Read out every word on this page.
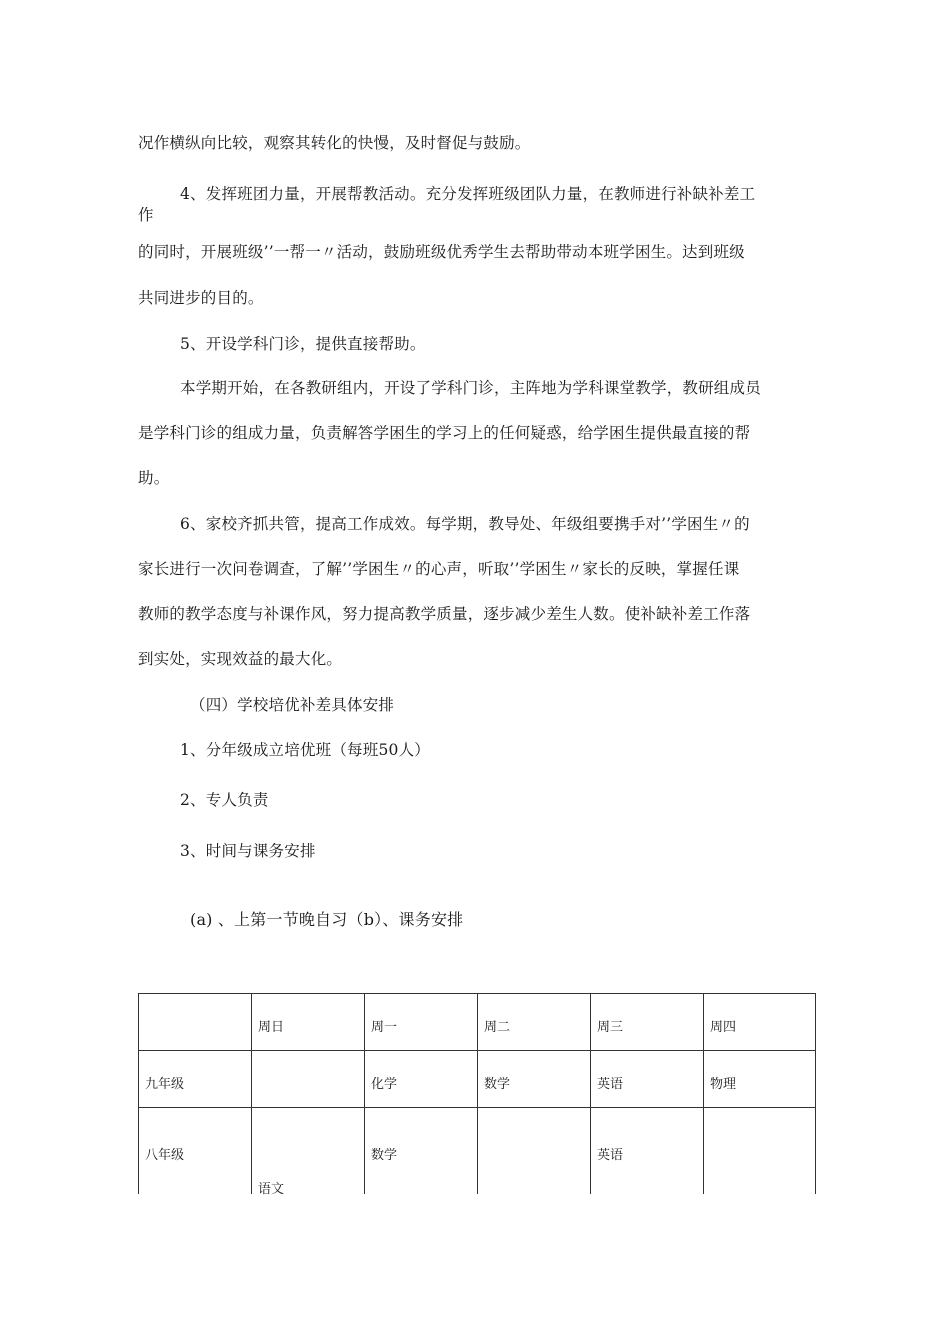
况作横纵向比较，观察其转化的快慢，及时督促与鼓励。
4、发挥班团力量，开展帮教活动。充分发挥班级团队力量，在教师进行补缺补差工
作
的同时，开展班级’’一帮一〃活动，鼓励班级优秀学生去帮助带动本班学困生。达到班级
共同进步的目的。
5、开设学科门诊，提供直接帮助。
本学期开始，在各教研组内，开设了学科门诊，主阵地为学科课堂教学，教研组成员
是学科门诊的组成力量，负责解答学困生的学习上的任何疑惑，给学困生提供最直接的帮
助。
6、家校齐抓共管，提高工作成效。每学期，教导处、年级组要携手对’’学困生〃的
家长进行一次问卷调查，了解’’学困生〃的心声，听取’’学困生〃家长的反映，掌握任课
教师的教学态度与补课作风，努力提高教学质量，逐步减少差生人数。使补缺补差工作落
到实处，实现效益的最大化。
（四）学校培优补差具体安排
1、分年级成立培优班（每班50人）
2、专人负责
3、时间与课务安排
(a) 、上第一节晚自习（b）、课务安排

	周日	周一	周二	周三	周四

九年级		化学	数学	英语	物理

八年级	语文	数学		英语	
